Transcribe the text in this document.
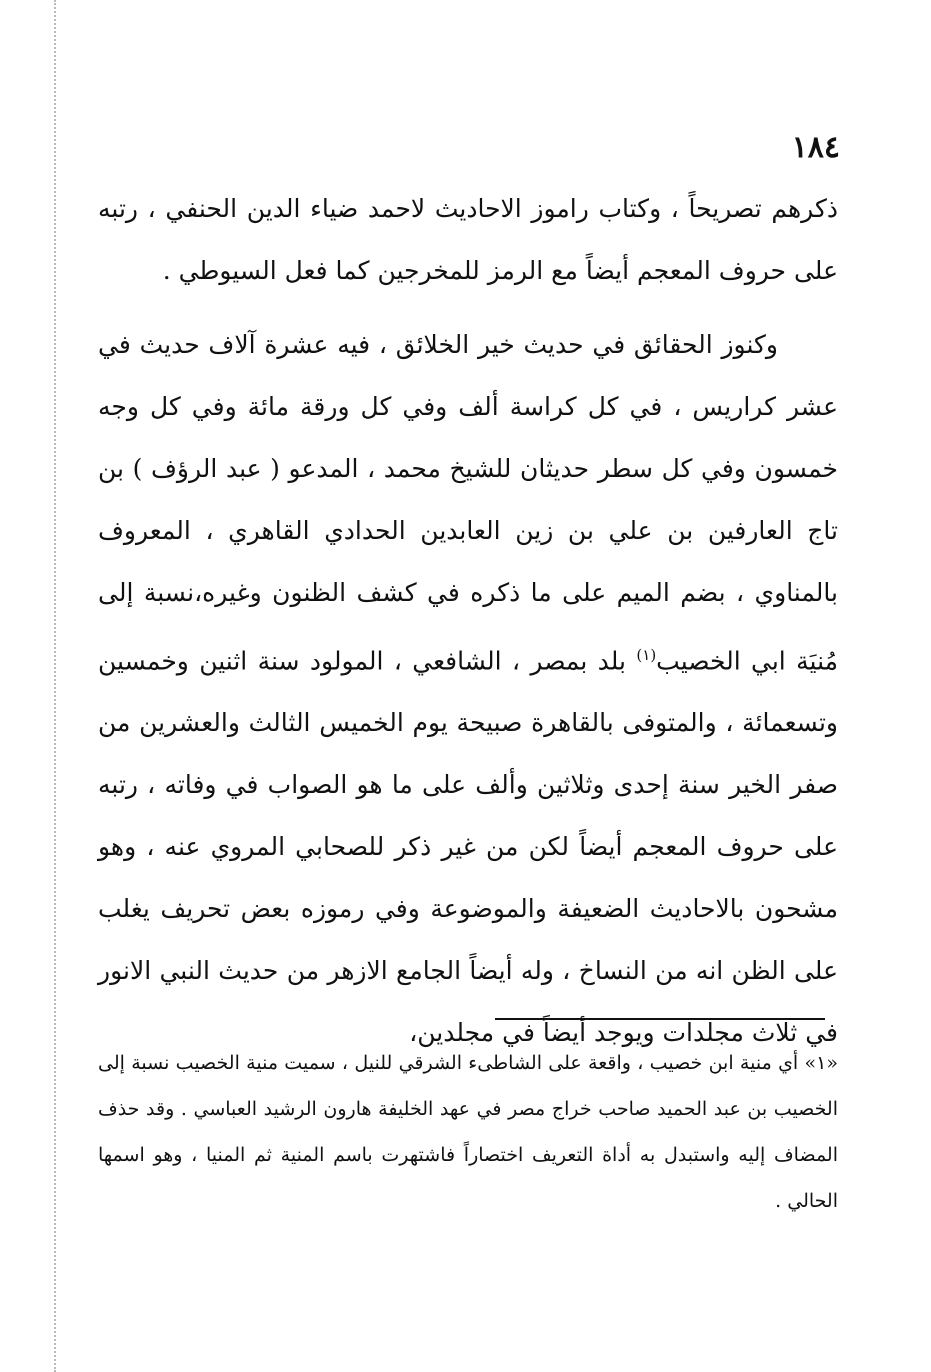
١٨٤

ذكرهم تصريحاً ، وكتاب راموز الاحاديث لاحمد ضياء الدين الحنفي ، رتبه على حروف المعجم أيضاً مع الرمز للمخرجين كما فعل السيوطي .

وكنوز الحقائق في حديث خير الخلائق ، فيه عشرة آلاف حديث في عشر كراريس ، في كل كراسة ألف وفي كل ورقة مائة وفي كل وجه خمسون وفي كل سطر حديثان للشيخ محمد ، المدعو ( عبد الرؤف ) بن تاج العارفين بن علي بن زين العابدين الحدادي القاهري ، المعروف بالمناوي ، بضم الميم على ما ذكره في كشف الظنون وغيره،نسبة إلى مُنيَة ابي الخصيب$^{(١)}$ بلد بمصر ، الشافعي ، المولود سنة اثنين وخمسين وتسعمائة ، والمتوفى بالقاهرة صبيحة يوم الخميس الثالث والعشرين من صفر الخير سنة إحدى وثلاثين وألف على ما هو الصواب في وفاته ، رتبه على حروف المعجم أيضاً لكن من غير ذكر للصحابي المروي عنه ، وهو مشحون بالاحاديث الضعيفة والموضوعة وفي رموزه بعض تحريف يغلب على الظن انه من النساخ ، وله أيضاً الجامع الازهر من حديث النبي الانور في ثلاث مجلدات ويوجد أيضاً في مجلدين،

«١» أي منية ابن خصيب ، واقعة على الشاطىء الشرقي للنيل ، سميت منية الخصيب نسبة إلى الخصيب بن عبد الحميد صاحب خراج مصر في عهد الخليفة هارون الرشيد العباسي . وقد حذف المضاف إليه واستبدل به أداة التعريف اختصاراً فاشتهرت باسم المنية ثم المنيا ، وهو اسمها الحالي .
